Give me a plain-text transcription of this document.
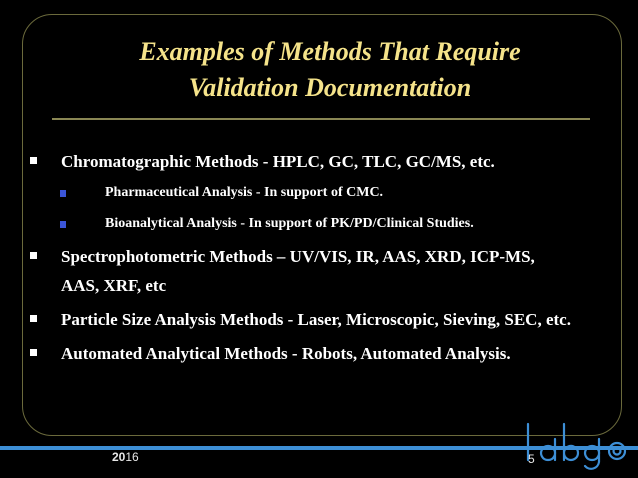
Examples of Methods That Require
Validation Documentation
Chromatographic Methods - HPLC, GC, TLC, GC/MS, etc.
Pharmaceutical Analysis - In support of CMC.
Bioanalytical Analysis - In support of PK/PD/Clinical Studies.
Spectrophotometric Methods – UV/VIS, IR, AAS, XRD, ICP-MS, AAS, XRF, etc
Particle Size Analysis Methods - Laser, Microscopic, Sieving, SEC, etc.
Automated Analytical Methods - Robots, Automated Analysis.
2016	5
